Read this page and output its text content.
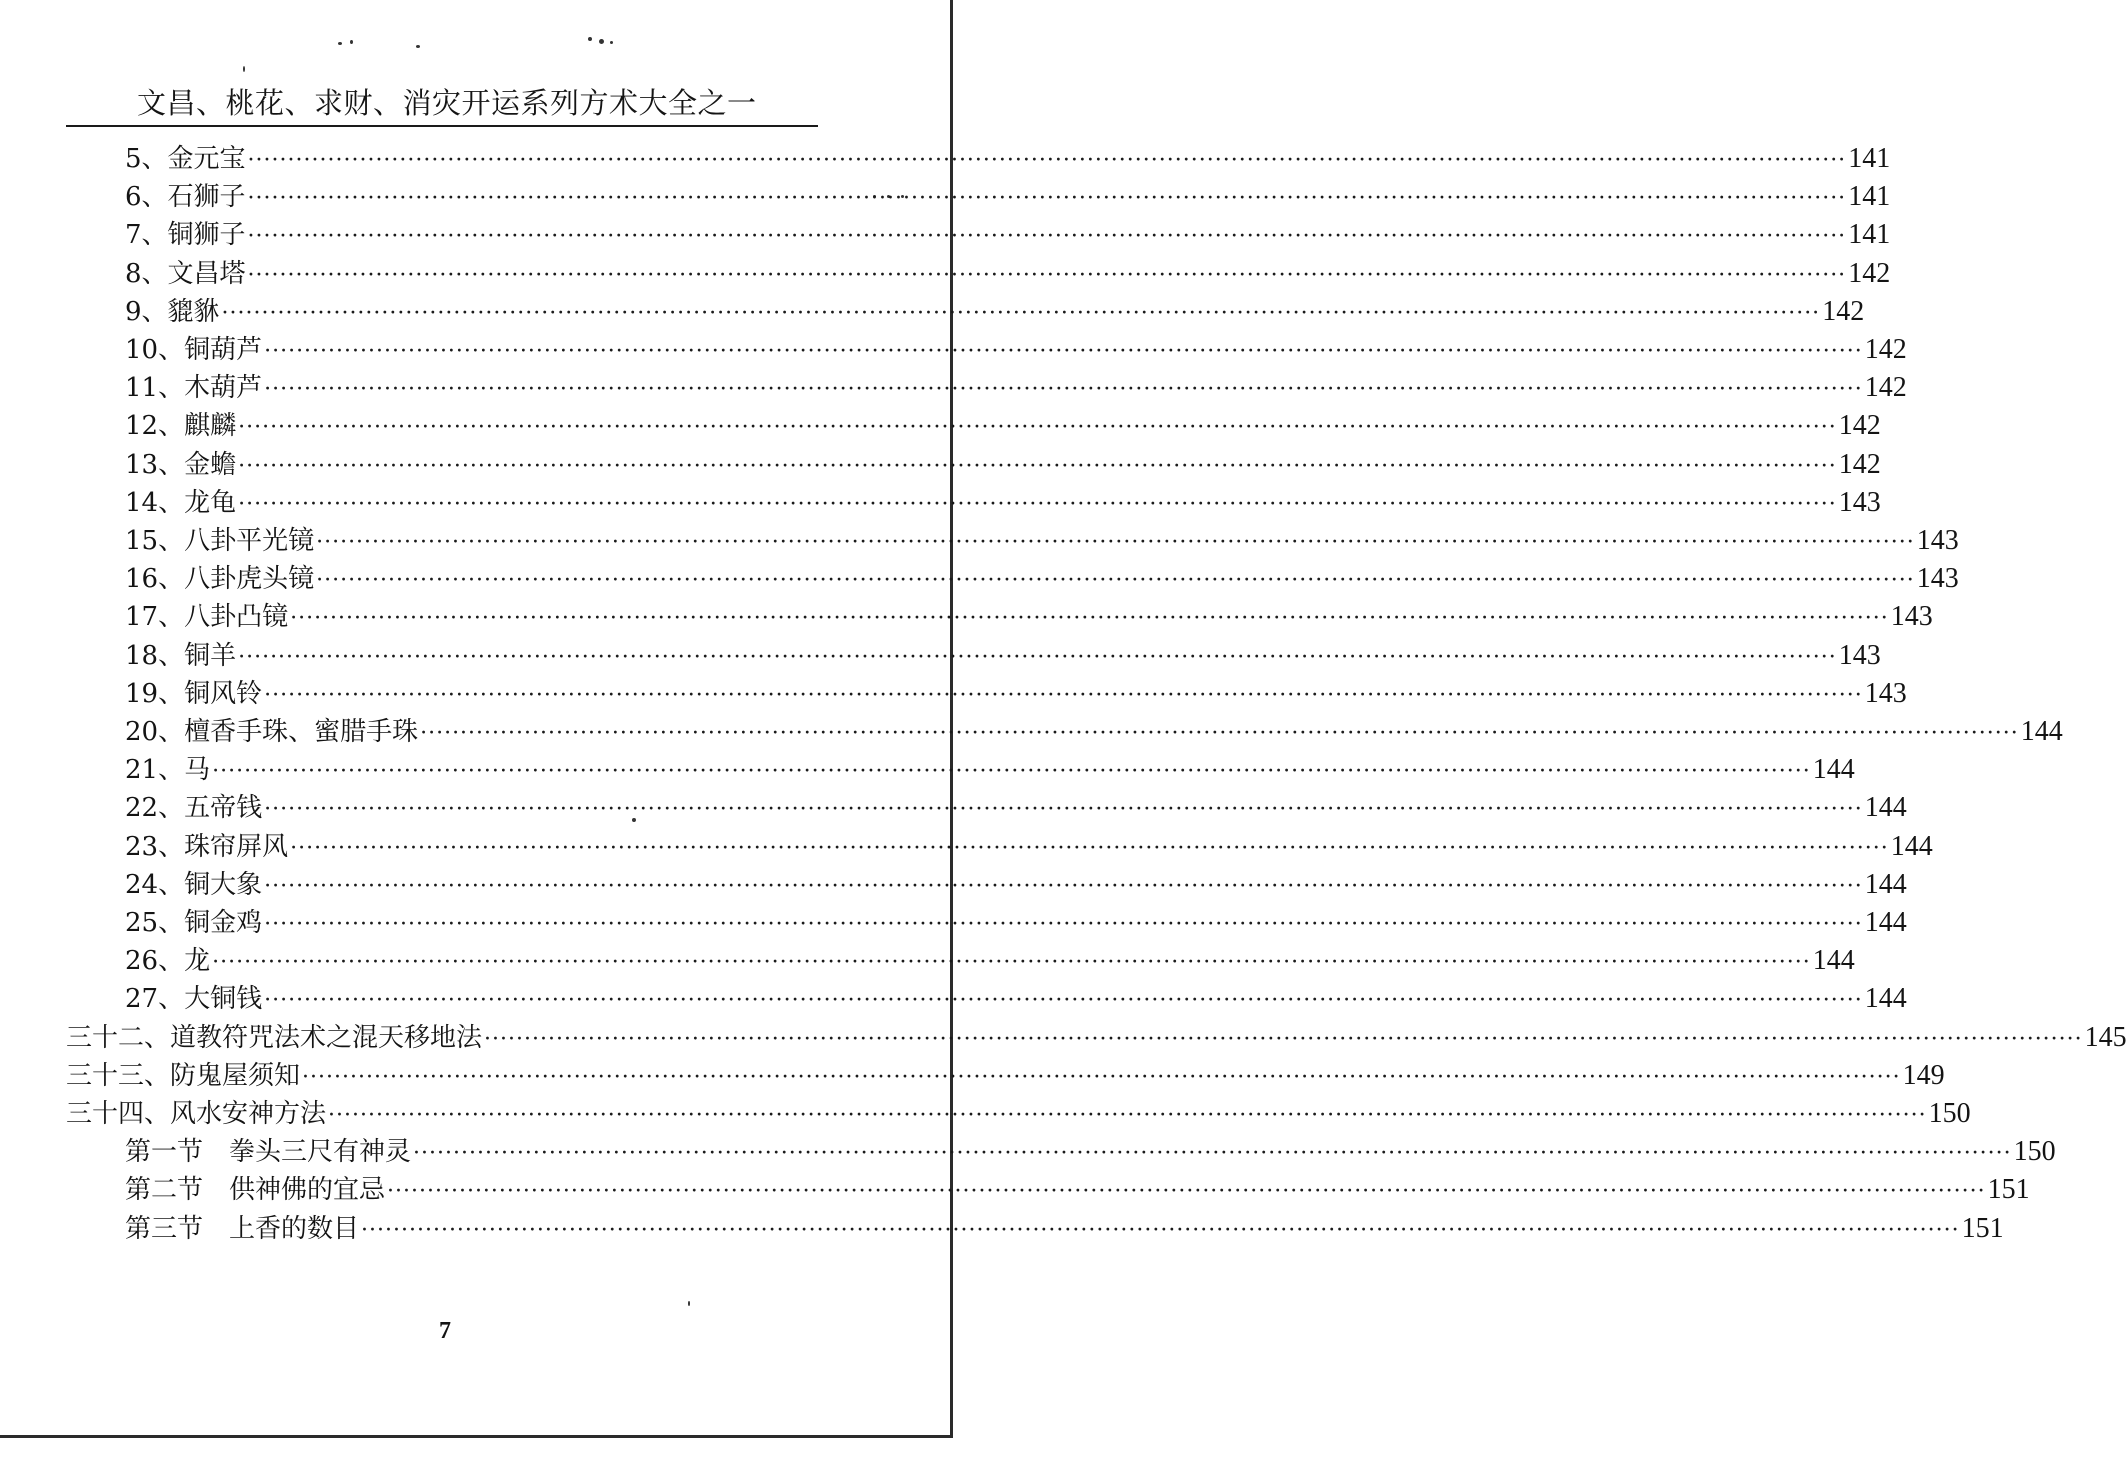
文昌、桃花、求财、消灾开运系列方术大全之一
5、金元宝 ········································································································································································································ 141
6、石狮子 ········································································································································································································ 141
7、铜狮子 ········································································································································································································ 141
8、文昌塔 ········································································································································································································ 142
9、貔貅 ········································································································································································································ 142
10、铜葫芦 ········································································································································································································ 142
11、木葫芦 ········································································································································································································ 142
12、麒麟 ········································································································································································································ 142
13、金蟾 ········································································································································································································ 142
14、龙龟 ········································································································································································································ 143
15、八卦平光镜 ········································································································································································································ 143
16、八卦虎头镜 ········································································································································································································ 143
17、八卦凸镜 ········································································································································································································ 143
18、铜羊 ········································································································································································································ 143
19、铜风铃 ········································································································································································································ 143
20、檀香手珠、蜜腊手珠 ········································································································································································································ 144
21、马 ········································································································································································································ 144
22、五帝钱 ········································································································································································································ 144
23、珠帘屏风 ········································································································································································································ 144
24、铜大象 ········································································································································································································ 144
25、铜金鸡 ········································································································································································································ 144
26、龙 ········································································································································································································ 144
27、大铜钱 ········································································································································································································ 144
三十二、道教符咒法术之混天移地法 ········································································································································································································ 145
三十三、防鬼屋须知 ········································································································································································································ 149
三十四、风水安神方法 ········································································································································································································ 150
第一节　拳头三尺有神灵 ········································································································································································································ 150
第二节　供神佛的宜忌 ········································································································································································································ 151
第三节　上香的数目 ········································································································································································································ 151
7
